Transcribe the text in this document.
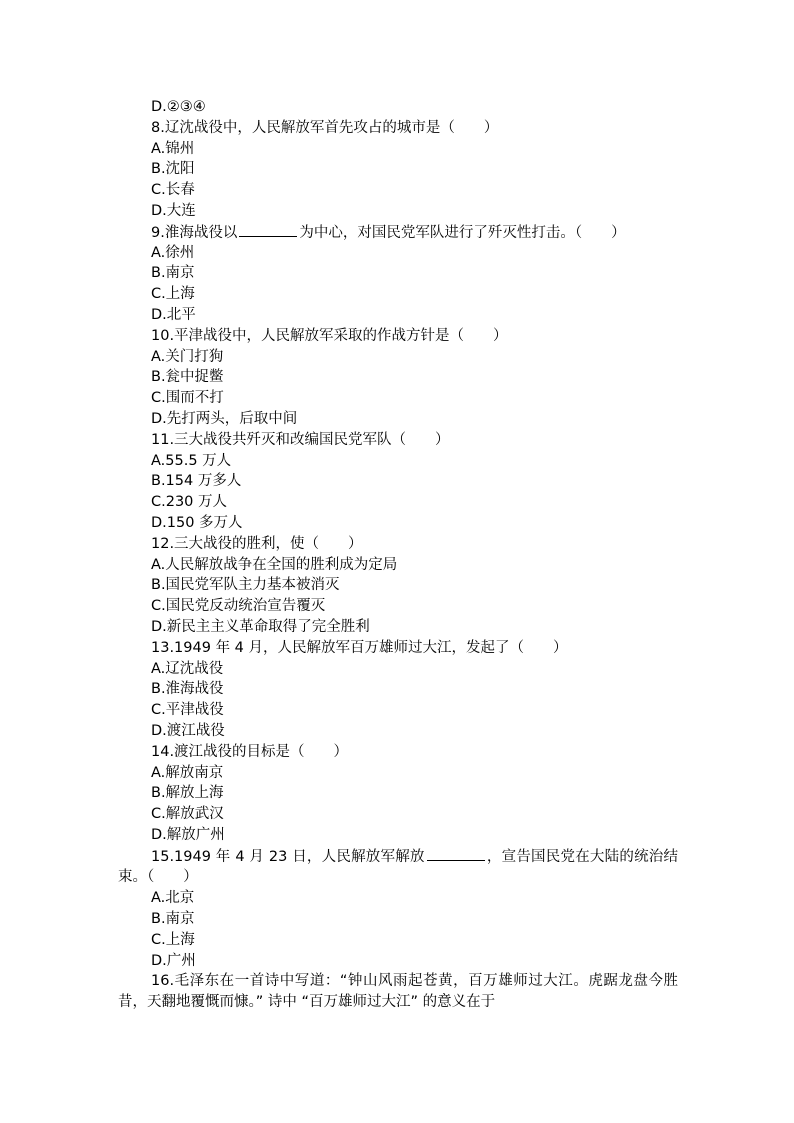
D.②③④
8.辽沈战役中，人民解放军首先攻占的城市是（　　）
A.锦州
B.沈阳
C.长春
D.大连
9.淮海战役以	为中心，对国民党军队进行了歼灭性打击。（　　）
A.徐州
B.南京
C.上海
D.北平
10.平津战役中，人民解放军采取的作战方针是（　　）
A.关门打狗
B.瓮中捉鳖
C.围而不打
D.先打两头，后取中间
11.三大战役共歼灭和改编国民党军队（　　）
A.55.5 万人
B.154 万多人
C.230 万人
D.150 多万人
12.三大战役的胜利，使（　　）
A.人民解放战争在全国的胜利成为定局
B.国民党军队主力基本被消灭
C.国民党反动统治宣告覆灭
D.新民主主义革命取得了完全胜利
13.1949 年 4 月，人民解放军百万雄师过大江，发起了（　　）
A.辽沈战役
B.淮海战役
C.平津战役
D.渡江战役
14.渡江战役的目标是（　　）
A.解放南京
B.解放上海
C.解放武汉
D.解放广州
15.1949 年 4 月 23 日，人民解放军解放	，宣告国民党在大陆的统治结束。（　　）
A.北京
B.南京
C.上海
D.广州
16.毛泽东在一首诗中写道：“钟山风雨起苍黄，百万雄师过大江。虎踞龙盘今胜昔，天翻地覆慨而慷。” 诗中 “百万雄师过大江” 的意义在于
